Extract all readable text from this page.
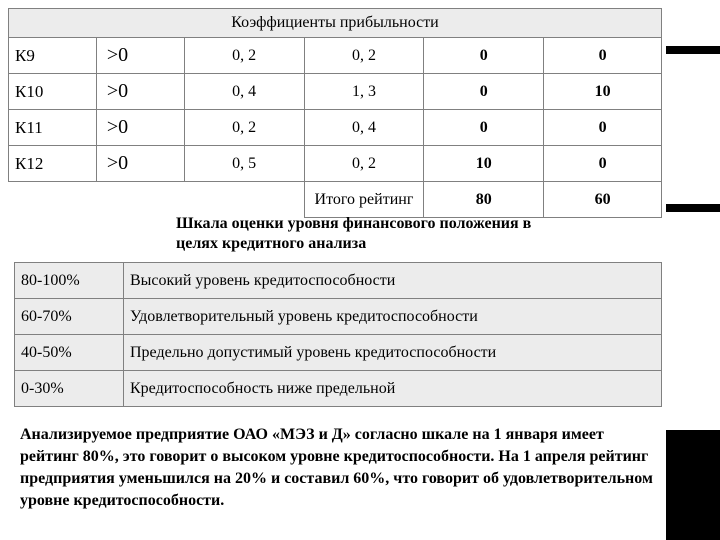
Коэффициенты прибыльности					
К9	>0	0, 2	0, 2	0	0
К10	>0	0, 4	1, 3	0	10
К11	>0	0, 2	0, 4	0	0
К12	>0	0, 5	0, 2	10	0
			Итого рейтинг	80	60
Шкала оценки уровня финансового положения в целях кредитного анализа
80-100%	Высокий уровень кредитоспособности
60-70%	Удовлетворительный уровень кредитоспособности
40-50%	Предельно допустимый уровень кредитоспособности
0-30%	Кредитоспособность ниже предельной
Анализируемое предприятие ОАО «МЭЗ и Д» согласно шкале на 1 января имеет рейтинг 80%, это говорит о высоком уровне кредитоспособности. На 1 апреля рейтинг предприятия уменьшился на 20% и составил 60%, что говорит об удовлетворительном уровне кредитоспособности.
